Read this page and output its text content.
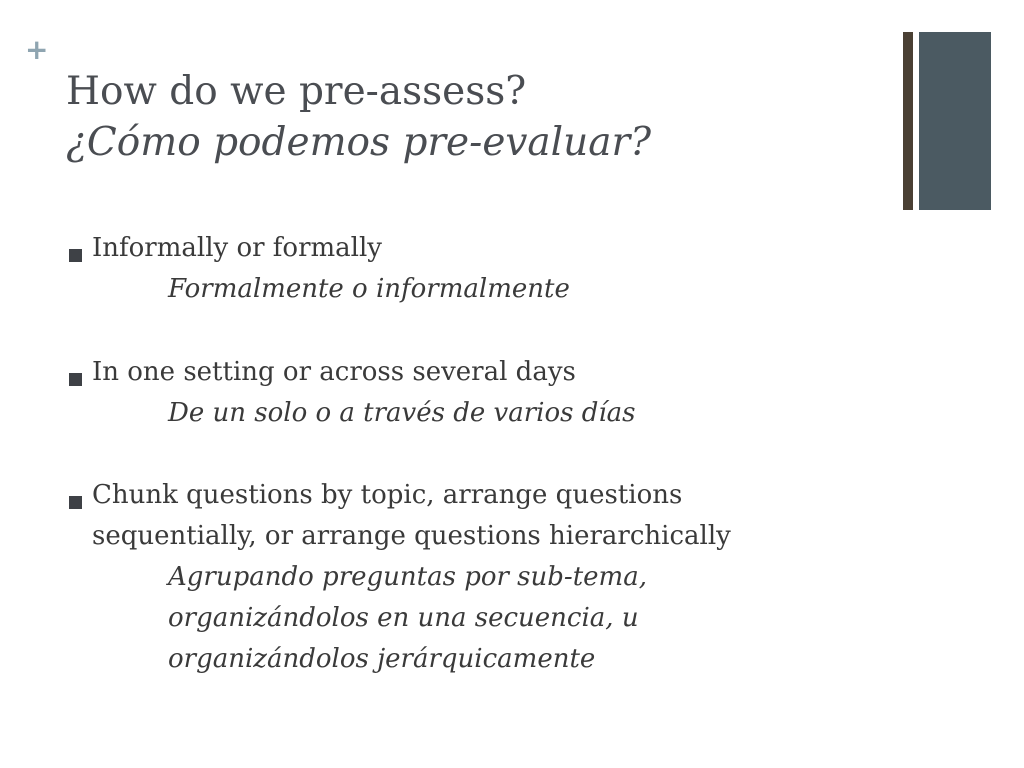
+
How do we pre-assess?
¿Cómo podemos pre-evaluar?

Informally or formally

Formalmente o informalmente

In one setting or across several days

De un solo o a través de varios días

Chunk questions by topic, arrange questions
sequentially, or arrange questions hierarchically

Agrupando preguntas por sub-tema,
organizándolos en una secuencia, u
organizándolos jerárquicamente
